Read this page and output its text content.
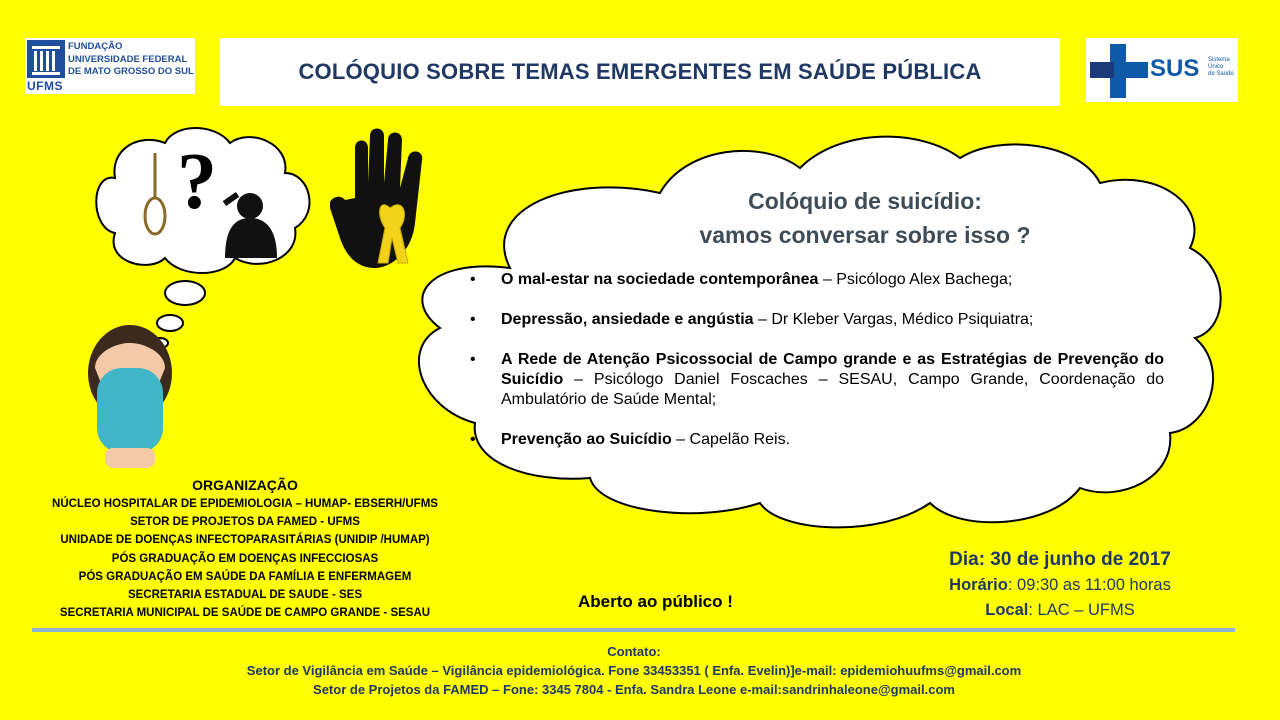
UFMS
FUNDAÇÃO
UNIVERSIDADE FEDERAL
DE MATO GROSSO DO SUL	COLÓQUIO SOBRE TEMAS EMERGENTES EM SAÚDE PÚBLICA	SUS Sistema
Único
de Saúde
?	Colóquio de suicídio:
vamos conversar sobre isso ?
• O mal-estar na sociedade contemporânea – Psicólogo Alex Bachega;
• Depressão, ansiedade e angústia – Dr Kleber Vargas, Médico Psiquiatra;
• A Rede de Atenção Psicossocial de Campo grande e as Estratégias de Prevenção do Suicídio – Psicólogo Daniel Foscaches – SESAU, Campo Grande, Coordenação do Ambulatório de Saúde Mental;
• Prevenção ao Suicídio – Capelão Reis.
ORGANIZAÇÃO
NÚCLEO HOSPITALAR DE EPIDEMIOLOGIA – HUMAP- EBSERH/UFMS
SETOR DE PROJETOS DA FAMED - UFMS
UNIDADE DE DOENÇAS INFECTOPARASITÁRIAS (UNIDIP /HUMAP)
PÓS GRADUAÇÃO EM DOENÇAS INFECCIOSAS
PÓS GRADUAÇÃO EM SAÚDE DA FAMÍLIA E ENFERMAGEM
SECRETARIA ESTADUAL DE SAUDE - SES
SECRETARIA MUNICIPAL DE SAÚDE DE CAMPO GRANDE - SESAU
Aberto ao público !
Dia: 30 de junho de 2017
Horário: 09:30 as 11:00 horas
Local: LAC – UFMS
Contato:
Setor de Vigilância em Saúde – Vigilância epidemiológica. Fone 33453351 ( Enfa. Evelin)]e-mail: epidemiohuufms@gmail.com
Setor de Projetos da FAMED – Fone: 3345 7804 - Enfa. Sandra Leone e-mail:sandrinhaleone@gmail.com
